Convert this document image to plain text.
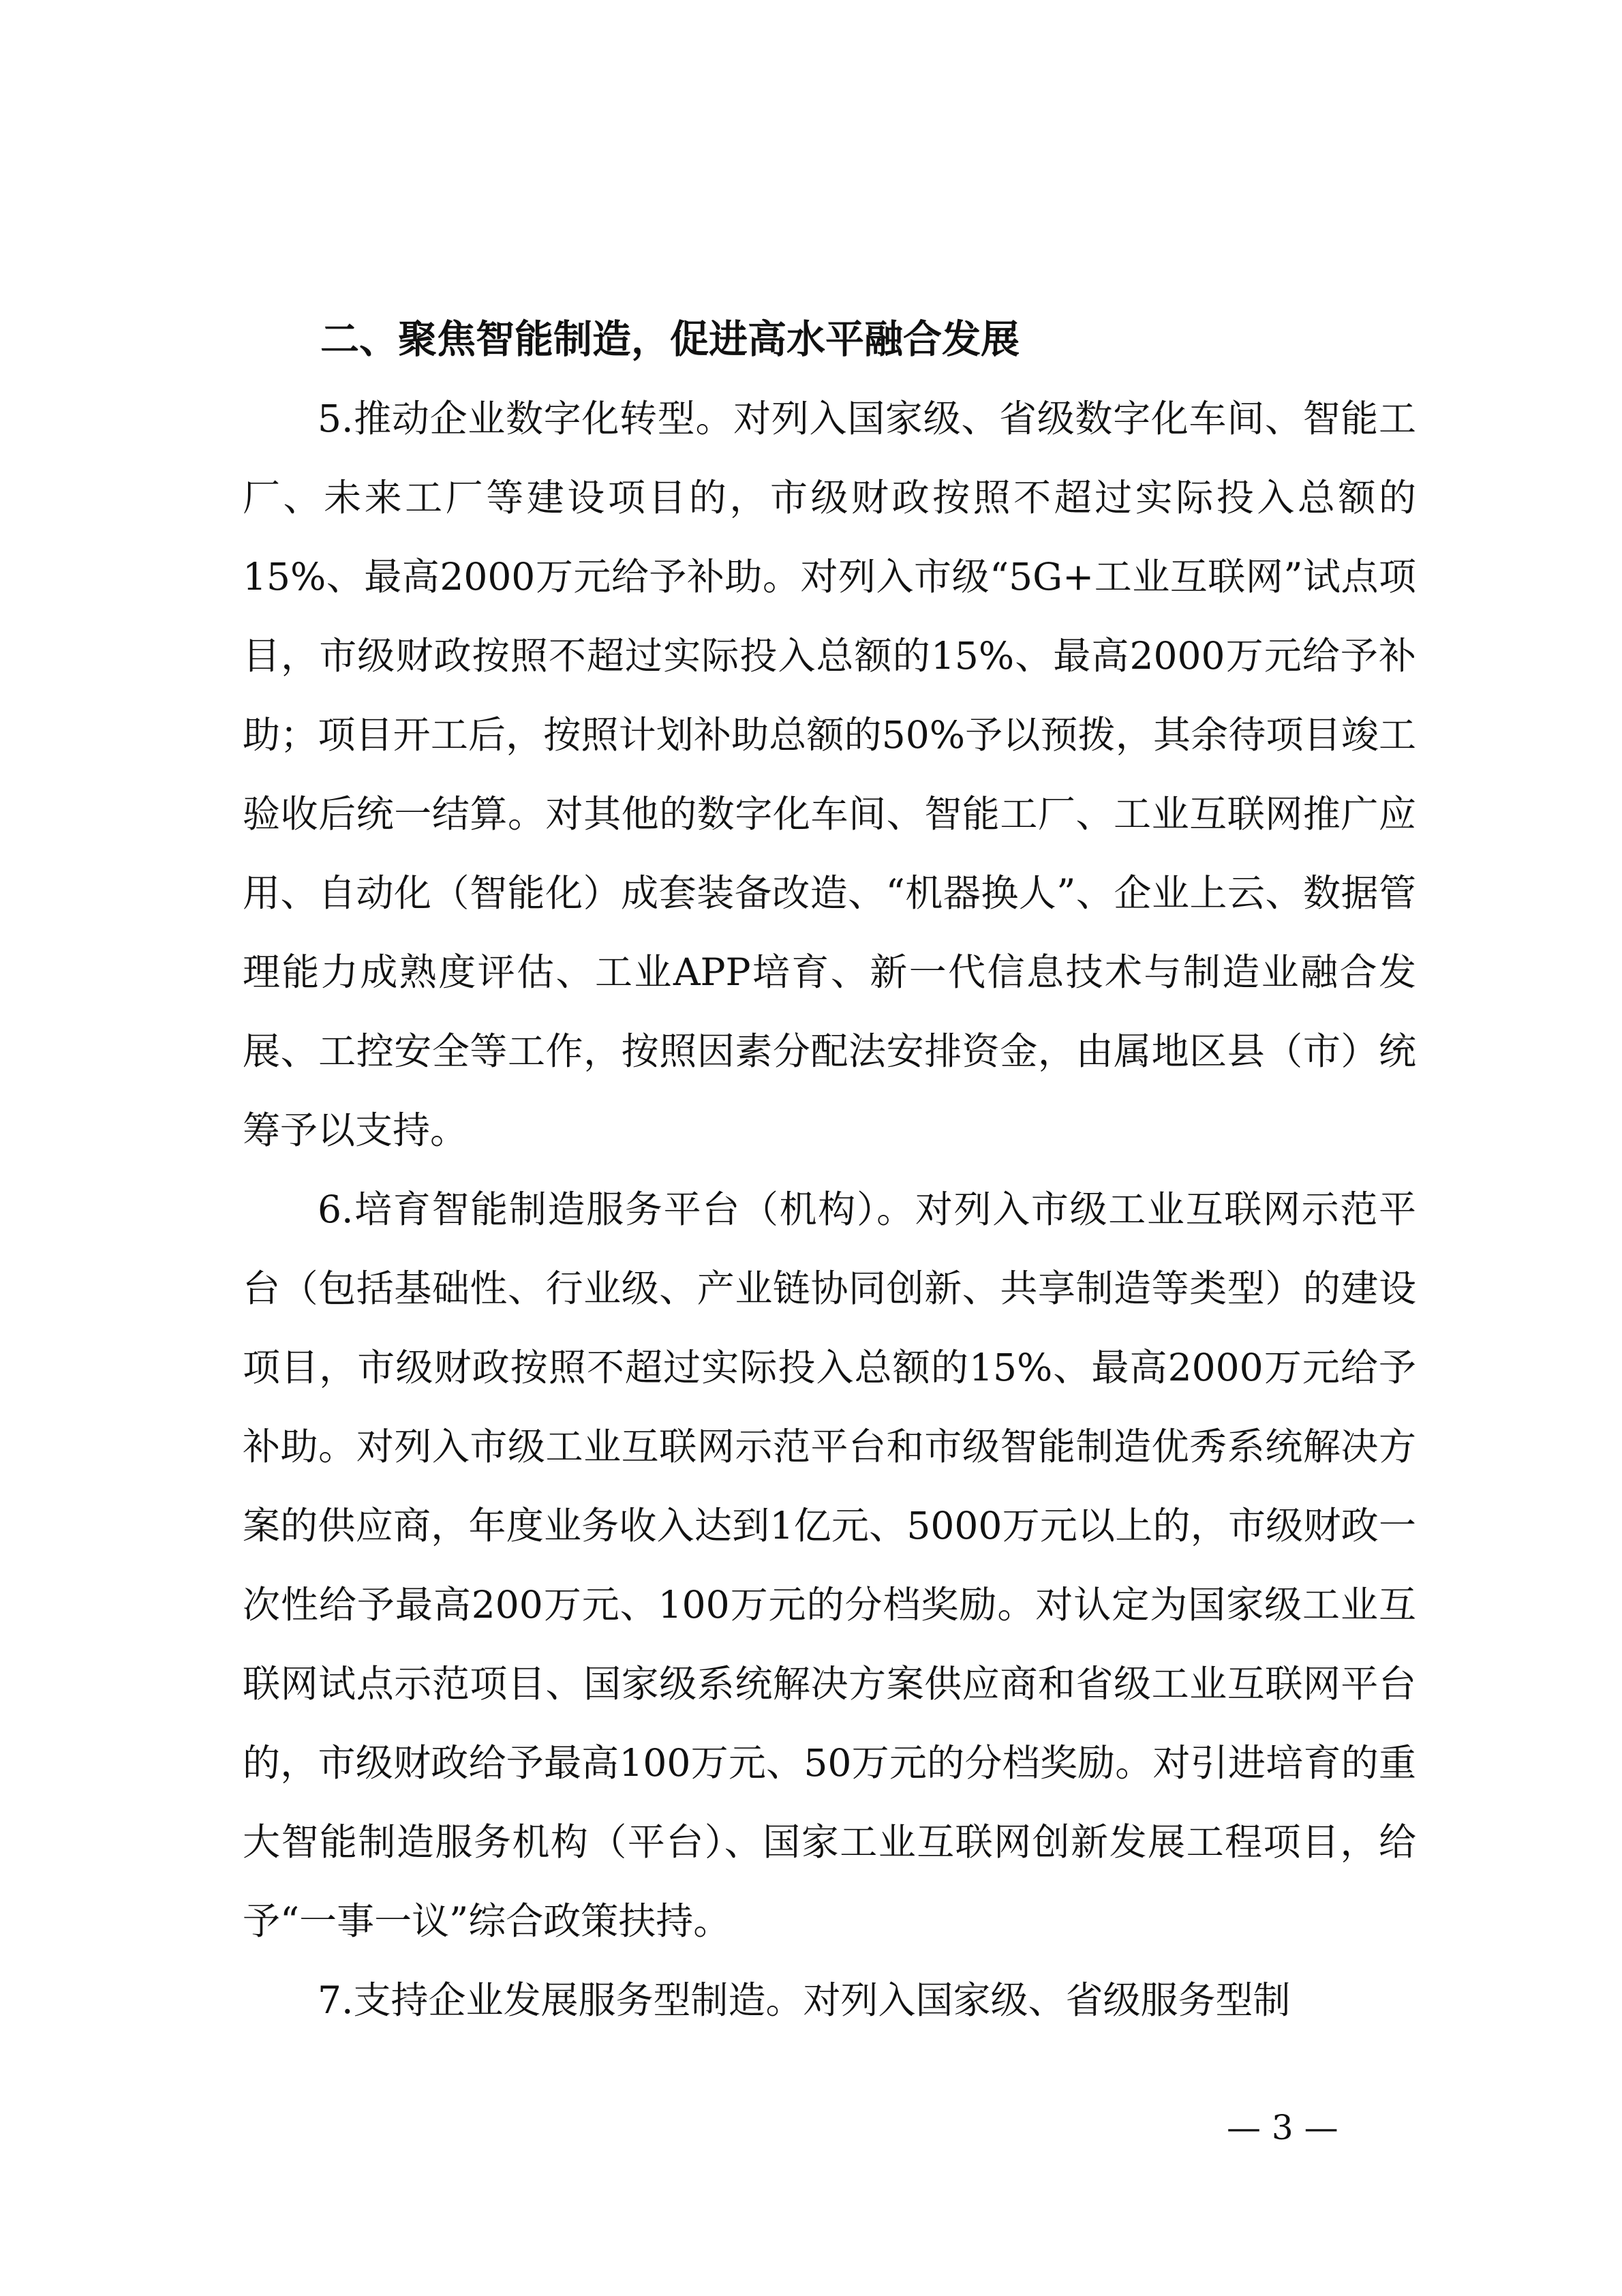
二、聚焦智能制造，促进高水平融合发展

5.推动企业数字化转型。对列入国家级、省级数字化车间、智能工厂、未来工厂等建设项目的，市级财政按照不超过实际投入总额的15%、最高2000万元给予补助。对列入市级“5G+工业互联网”试点项目，市级财政按照不超过实际投入总额的15%、最高2000万元给予补助；项目开工后，按照计划补助总额的50%予以预拨，其余待项目竣工验收后统一结算。对其他的数字化车间、智能工厂、工业互联网推广应用、自动化（智能化）成套装备改造、“机器换人”、企业上云、数据管理能力成熟度评估、工业APP培育、新一代信息技术与制造业融合发展、工控安全等工作，按照因素分配法安排资金，由属地区县（市）统筹予以支持。

6.培育智能制造服务平台（机构）。对列入市级工业互联网示范平台（包括基础性、行业级、产业链协同创新、共享制造等类型）的建设项目，市级财政按照不超过实际投入总额的15%、最高2000万元给予补助。对列入市级工业互联网示范平台和市级智能制造优秀系统解决方案的供应商，年度业务收入达到1亿元、5000万元以上的，市级财政一次性给予最高200万元、100万元的分档奖励。对认定为国家级工业互联网试点示范项目、国家级系统解决方案供应商和省级工业互联网平台的，市级财政给予最高100万元、50万元的分档奖励。对引进培育的重大智能制造服务机构（平台）、国家工业互联网创新发展工程项目，给予“一事一议”综合政策扶持。

7.支持企业发展服务型制造。对列入国家级、省级服务型制

— 3 —
